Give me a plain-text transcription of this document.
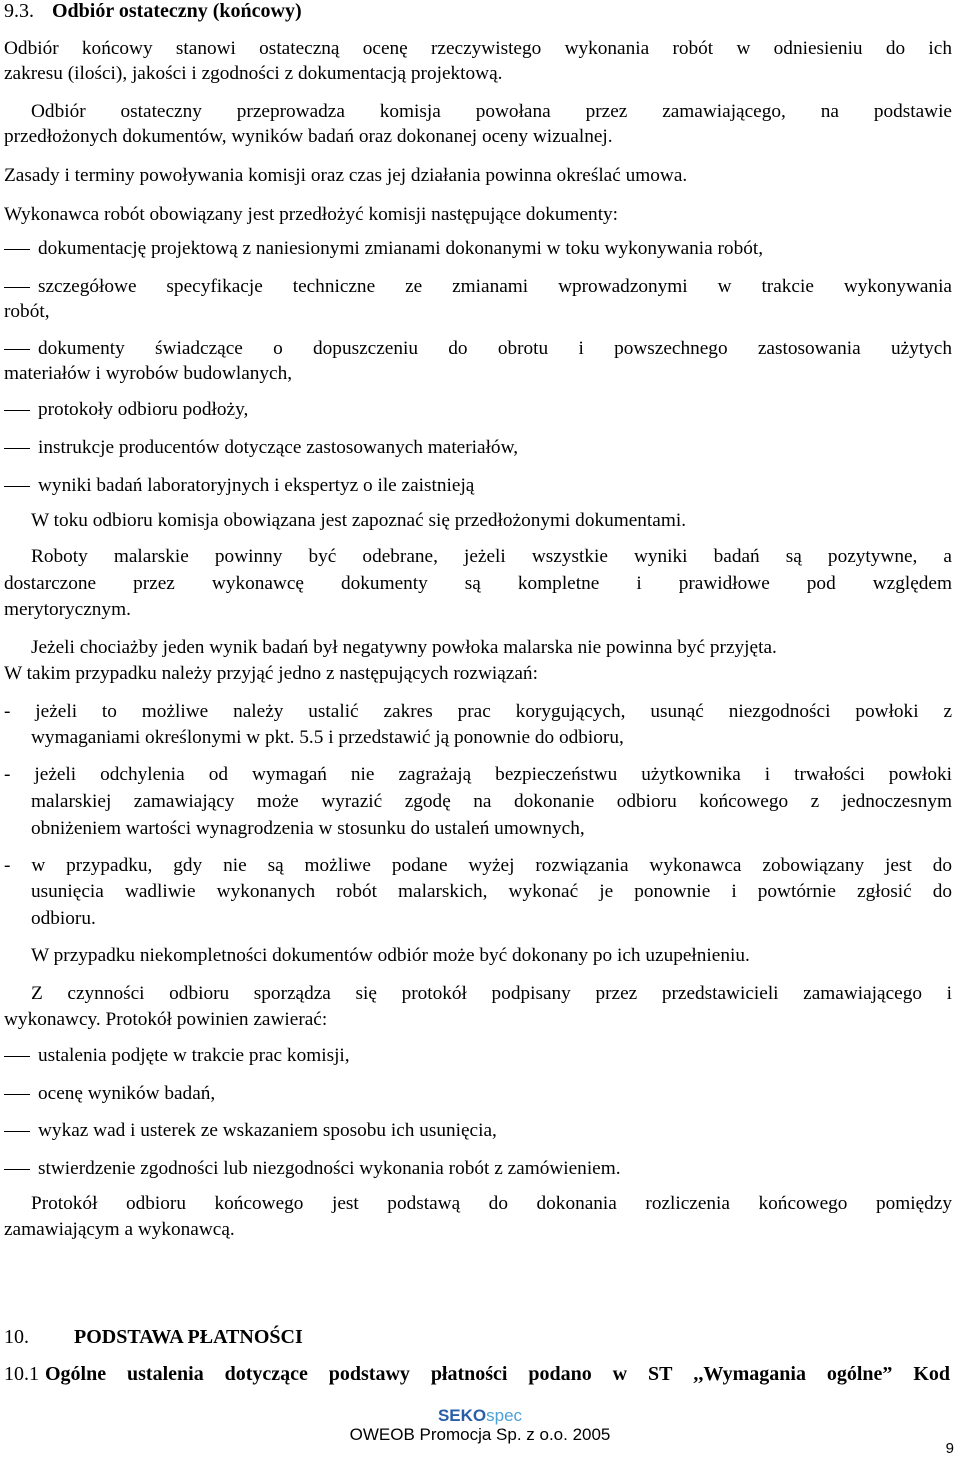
9.3. Odbiór ostateczny (końcowy)
Odbiór końcowy stanowi ostateczną ocenę rzeczywistego wykonania robót w odniesieniu do ich
zakresu (ilości), jakości i zgodności z dokumentacją projektową.
Odbiór ostateczny przeprowadza komisja powołana przez zamawiającego, na podstawie
przedłożonych dokumentów, wyników badań oraz dokonanej oceny wizualnej.
Zasady i terminy powoływania komisji oraz czas jej działania powinna określać umowa.
Wykonawca robót obowiązany jest przedłożyć komisji następujące dokumenty:
dokumentację projektową z naniesionymi zmianami dokonanymi w toku wykonywania robót,
szczegółowe specyfikacje techniczne ze zmianami wprowadzonymi w trakcie wykonywania
robót,
dokumenty świadczące o dopuszczeniu do obrotu i powszechnego zastosowania użytych
materiałów i wyrobów budowlanych,
protokoły odbioru podłoży,
instrukcje producentów dotyczące zastosowanych materiałów,
wyniki badań laboratoryjnych i ekspertyz o ile zaistnieją
W toku odbioru komisja obowiązana jest zapoznać się przedłożonymi dokumentami.
Roboty malarskie powinny być odebrane, jeżeli wszystkie wyniki badań są pozytywne, a
dostarczone przez wykonawcę dokumenty są kompletne i prawidłowe pod względem
merytorycznym.
Jeżeli chociażby jeden wynik badań był negatywny powłoka malarska nie powinna być przyjęta.
W takim przypadku należy przyjąć jedno z następujących rozwiązań:
- jeżeli to możliwe należy ustalić zakres prac korygujących, usunąć niezgodności powłoki z
wymaganiami określonymi w pkt. 5.5 i przedstawić ją ponownie do odbioru,
- jeżeli odchylenia od wymagań nie zagrażają bezpieczeństwu użytkownika i trwałości powłoki
malarskiej zamawiający może wyrazić zgodę na dokonanie odbioru końcowego z jednoczesnym
obniżeniem wartości wynagrodzenia w stosunku do ustaleń umownych,
- w przypadku, gdy nie są możliwe podane wyżej rozwiązania wykonawca zobowiązany jest do
usunięcia wadliwie wykonanych robót malarskich, wykonać je ponownie i powtórnie zgłosić do
odbioru.
W przypadku niekompletności dokumentów odbiór może być dokonany po ich uzupełnieniu.
Z czynności odbioru sporządza się protokół podpisany przez przedstawicieli zamawiającego i
wykonawcy. Protokół powinien zawierać:
ustalenia podjęte w trakcie prac komisji,
ocenę wyników badań,
wykaz wad i usterek ze wskazaniem sposobu ich usunięcia,
stwierdzenie zgodności lub niezgodności wykonania robót z zamówieniem.
Protokół odbioru końcowego jest podstawą do dokonania rozliczenia końcowego pomiędzy
zamawiającym a wykonawcą.
10. PODSTAWA PŁATNOŚCI
10.1 Ogólne ustalenia dotyczące podstawy płatności podano w ST ,,Wymagania ogólne” Kod
SEKOspec
OWEOB Promocja Sp. z o.o. 2005
9
